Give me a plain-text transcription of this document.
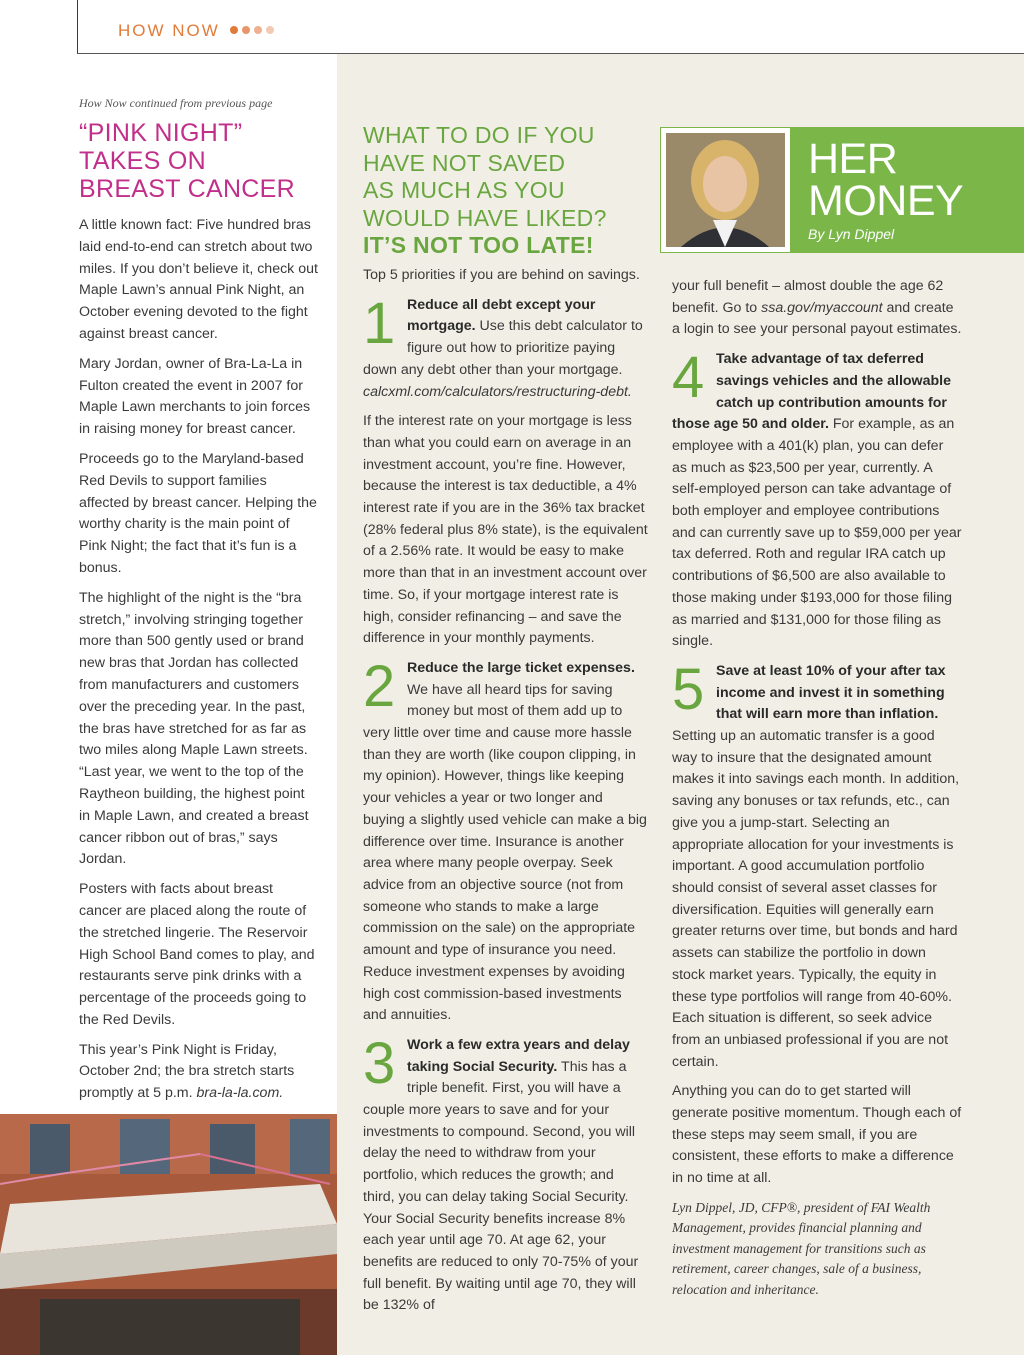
HOW NOW

How Now continued from previous page

“PINK NIGHT”
TAKES ON
BREAST CANCER

A little known fact: Five hundred bras laid end-to-end can stretch about two miles. If you don’t believe it, check out Maple Lawn’s annual Pink Night, an October evening devoted to the fight against breast cancer.

Mary Jordan, owner of Bra-La-La in Fulton created the event in 2007 for Maple Lawn merchants to join forces in raising money for breast cancer.

Proceeds go to the Maryland-based Red Devils to support families affected by breast cancer. Helping the worthy charity is the main point of Pink Night; the fact that it’s fun is a bonus.

The highlight of the night is the “bra stretch,” involving stringing together more than 500 gently used or brand new bras that Jordan has collected from manufacturers and customers over the preceding year. In the past, the bras have stretched for as far as two miles along Maple Lawn streets. “Last year, we went to the top of the Raytheon building, the highest point in Maple Lawn, and created a breast cancer ribbon out of bras,” says Jordan.

Posters with facts about breast cancer are placed along the route of the stretched lingerie. The Reservoir High School Band comes to play, and restaurants serve pink drinks with a percentage of the proceeds going to the Red Devils.

This year’s Pink Night is Friday, October 2nd; the bra stretch starts promptly at 5 p.m. bra-la-la.com.

WHAT TO DO IF YOU
HAVE NOT SAVED
AS MUCH AS YOU
WOULD HAVE LIKED?
IT’S NOT TOO LATE!

Top 5 priorities if you are behind on savings.

1 Reduce all debt except your mortgage. Use this debt calculator to figure out how to prioritize paying down any debt other than your mortgage. calcxml.com/calculators/restructuring-debt.

If the interest rate on your mortgage is less than what you could earn on average in an investment account, you’re fine. However, because the interest is tax deductible, a 4% interest rate if you are in the 36% tax bracket (28% federal plus 8% state), is the equivalent of a 2.56% rate. It would be easy to make more than that in an investment account over time. So, if your mortgage interest rate is high, consider refinancing – and save the difference in your monthly payments.

2 Reduce the large ticket expenses. We have all heard tips for saving money but most of them add up to very little over time and cause more hassle than they are worth (like coupon clipping, in my opinion). However, things like keeping your vehicles a year or two longer and buying a slightly used vehicle can make a big difference over time. Insurance is another area where many people overpay. Seek advice from an objective source (not from someone who stands to make a large commission on the sale) on the appropriate amount and type of insurance you need. Reduce investment expenses by avoiding high cost commission-based investments and annuities.
3 Work a few extra years and delay taking Social Security. This has a triple benefit. First, you will have a couple more years to save and for your investments to compound. Second, you will delay the need to withdraw from your portfolio, which reduces the growth; and third, you can delay taking Social Security. Your Social Security benefits increase 8% each year until age 70. At age 62, your benefits are reduced to only 70-75% of your full benefit. By waiting until age 70, they will be 132% of
HER
MONEY
By Lyn Dippel

your full benefit – almost double the age 62 benefit. Go to ssa.gov/myaccount and create a login to see your personal payout estimates.

4 Take advantage of tax deferred savings vehicles and the allowable catch up contribution amounts for those age 50 and older. For example, as an employee with a 401(k) plan, you can defer as much as $23,500 per year, currently. A self-employed person can take advantage of both employer and employee contributions and can currently save up to $59,000 per year tax deferred. Roth and regular IRA catch up contributions of $6,500 are also available to those making under $193,000 for those filing as married and $131,000 for those filing as single.
5 Save at least 10% of your after tax income and invest it in something that will earn more than inflation. Setting up an automatic transfer is a good way to insure that the designated amount makes it into savings each month. In addition, saving any bonuses or tax refunds, etc., can give you a jump-start. Selecting an appropriate allocation for your investments is important. A good accumulation portfolio should consist of several asset classes for diversification. Equities will generally earn greater returns over time, but bonds and hard assets can stabilize the portfolio in down stock market years. Typically, the equity in these type portfolios will range from 40-60%. Each situation is different, so seek advice from an unbiased professional if you are not certain.

Anything you can do to get started will generate positive momentum. Though each of these steps may seem small, if you are consistent, these efforts to make a difference in no time at all.

Lyn Dippel, JD, CFP®, president of FAI Wealth Management, provides financial planning and investment management for transitions such as retirement, career changes, sale of a business, relocation and inheritance.
